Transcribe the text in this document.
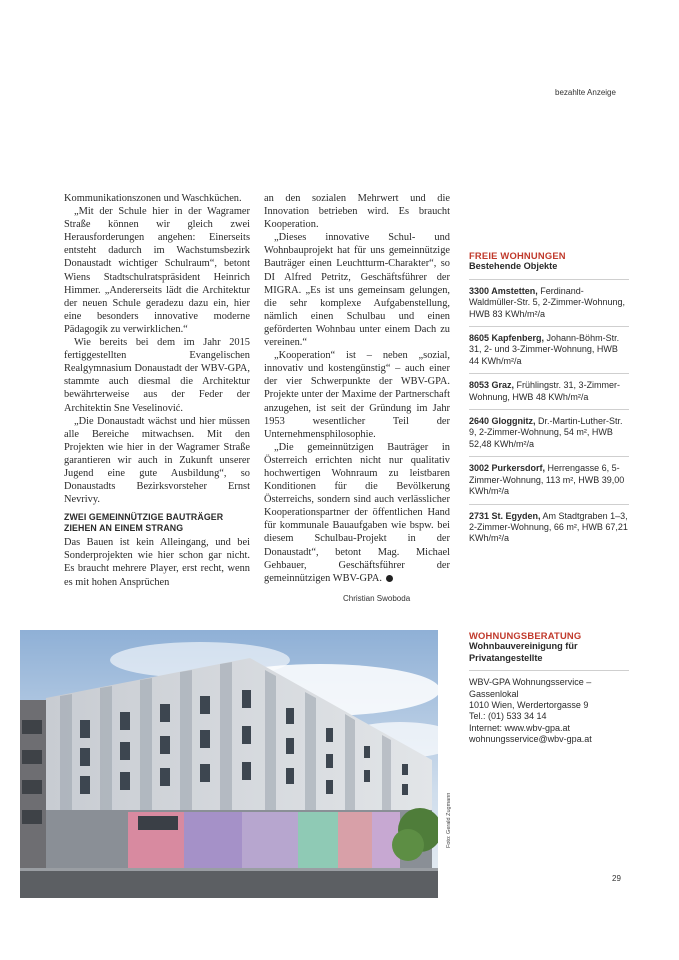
bezahlte Anzeige

Kommunikationszonen und Waschküchen.

„Mit der Schule hier in der Wagramer Straße können wir gleich zwei Herausforderungen angehen: Einerseits entsteht dadurch im Wachstumsbezirk Donaustadt wichtiger Schulraum“, betont Wiens Stadtschulratspräsident Heinrich Himmer. „Andererseits lädt die Architektur der neuen Schule geradezu dazu ein, hier eine besonders innovative moderne Pädagogik zu verwirklichen.“

Wie bereits bei dem im Jahr 2015 fertiggestellten Evangelischen Realgymnasium Donaustadt der WBV-GPA, stammte auch diesmal die Architektur bewährterweise aus der Feder der Architektin Sne Veselinović.

„Die Donaustadt wächst und hier müssen alle Bereiche mitwachsen. Mit den Projekten wie hier in der Wagramer Straße garantieren wir auch in Zukunft unserer Jugend eine gute Ausbildung“, so Donaustadts Bezirksvorsteher Ernst Nevrivy.

ZWEI GEMEINNÜTZIGE BAUTRÄGER ZIEHEN AN EINEM STRANG

Das Bauen ist kein Alleingang, und bei Sonderprojekten wie hier schon gar nicht. Es braucht mehrere Player, erst recht, wenn es mit hohen Ansprüchen

an den sozialen Mehrwert und die Innovation betrieben wird. Es braucht Kooperation.

„Dieses innovative Schul- und Wohnbauprojekt hat für uns gemeinnützige Bauträger einen Leuchtturm-Charakter“, so DI Alfred Petritz, Geschäftsführer der MIGRA. „Es ist uns gemeinsam gelungen, die sehr komplexe Aufgabenstellung, nämlich einen Schulbau und einen geförderten Wohnbau unter einem Dach zu vereinen.“

„Kooperation“ ist – neben „sozial, innovativ und kostengünstig“ – auch einer der vier Schwerpunkte der WBV-GPA. Projekte unter der Maxime der Partnerschaft anzugehen, ist seit der Gründung im Jahr 1953 wesentlicher Teil der Unternehmensphilosophie.

„Die gemeinnützigen Bauträger in Österreich errichten nicht nur qualitativ hochwertigen Wohnraum zu leistbaren Konditionen für die Bevölkerung Österreichs, sondern sind auch verlässlicher Kooperationspartner der öffentlichen Hand für kommunale Bauaufgaben wie bspw. bei diesem Schulbau-Projekt in der Donaustadt“, betont Mag. Michael Gehbauer, Geschäftsführer der gemeinnützigen WBV-GPA.

Christian Swoboda
FREIE WOHNUNGEN
Bestehende Objekte
3300 Amstetten, Ferdinand-Waldmüller-Str. 5, 2-Zimmer-Wohnung, HWB 83 KWh/m²/a
8605 Kapfenberg, Johann-Böhm-Str. 31, 2- und 3-Zimmer-Wohnung, HWB 44 KWh/m²/a
8053 Graz, Frühlingstr. 31, 3-Zimmer-Wohnung, HWB 48 KWh/m²/a
2640 Gloggnitz, Dr.-Martin-Luther-Str. 9, 2-Zimmer-Wohnung, 54 m², HWB 52,48 KWh/m²/a
3002 Purkersdorf, Herrengasse 6, 5-Zimmer-Wohnung, 113 m², HWB 39,00 KWh/m²/a
2731 St. Egyden, Am Stadtgraben 1–3, 2-Zimmer-Wohnung, 66 m², HWB 67,21 KWh/m²/a
WOHNUNGSBERATUNG
Wohnbauvereinigung für Privatangestellte
WBV-GPA Wohnungsservice – Gassenlokal
1010 Wien, Werdertorgasse 9
Tel.: (01) 533 34 14
Internet: www.wbv-gpa.at
wohnungsservice@wbv-gpa.at
Foto: Gerald Zugmann
29
